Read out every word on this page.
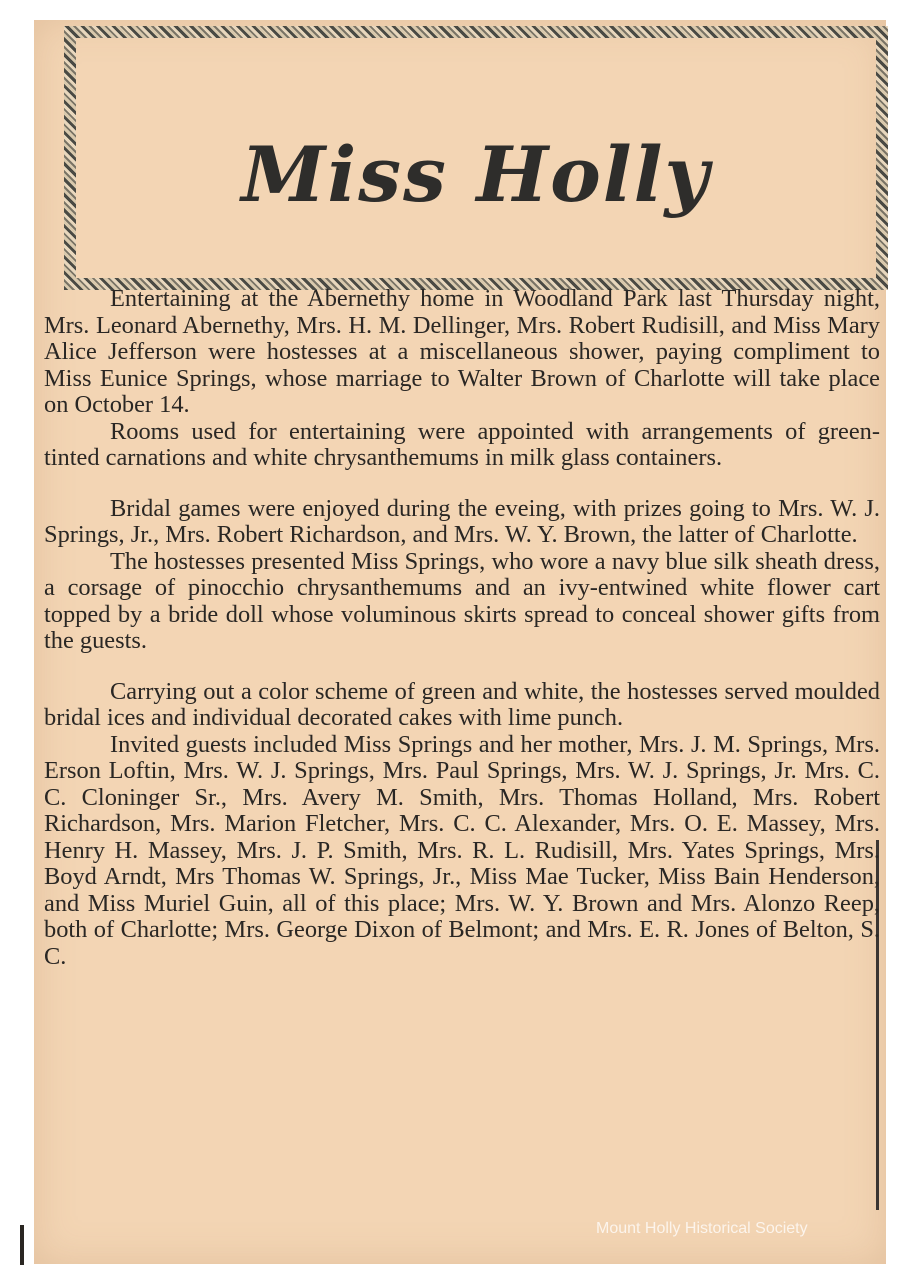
Miss Holly

Entertaining at the Abernethy home in Woodland Park last Thursday night, Mrs. Leonard Abernethy, Mrs. H. M. Dellinger, Mrs. Robert Rudisill, and Miss Mary Alice Jefferson were hostesses at a miscellaneous shower, paying compliment to Miss Eunice Springs, whose marriage to Walter Brown of Charlotte will take place on October 14.

Rooms used for entertaining were appointed with arrangements of green-tinted carnations and white chrysanthemums in milk glass containers.

Bridal games were enjoyed during the eveing, with prizes going to Mrs. W. J. Springs, Jr., Mrs. Robert Richardson, and Mrs. W. Y. Brown, the latter of Charlotte.

The hostesses presented Miss Springs, who wore a navy blue silk sheath dress, a corsage of pinocchio chrysanthemums and an ivy-entwined white flower cart topped by a bride doll whose voluminous skirts spread to conceal shower gifts from the guests.

Carrying out a color scheme of green and white, the hostesses served moulded bridal ices and individual decorated cakes with lime punch.

Invited guests included Miss Springs and her mother, Mrs. J. M. Springs, Mrs. Erson Loftin, Mrs. W. J. Springs, Mrs. Paul Springs, Mrs. W. J. Springs, Jr. Mrs. C. C. Cloninger Sr., Mrs. Avery M. Smith, Mrs. Thomas Holland, Mrs. Robert Richardson, Mrs. Marion Fletcher, Mrs. C. C. Alexander, Mrs. O. E. Massey, Mrs. Henry H. Massey, Mrs. J. P. Smith, Mrs. R. L. Rudisill, Mrs. Yates Springs, Mrs. Boyd Arndt, Mrs Thomas W. Springs, Jr., Miss Mae Tucker, Miss Bain Henderson, and Miss Muriel Guin, all of this place; Mrs. W. Y. Brown and Mrs. Alonzo Reep, both of Charlotte; Mrs. George Dixon of Belmont; and Mrs. E. R. Jones of Belton, S. C.

Mount Holly Historical Society
